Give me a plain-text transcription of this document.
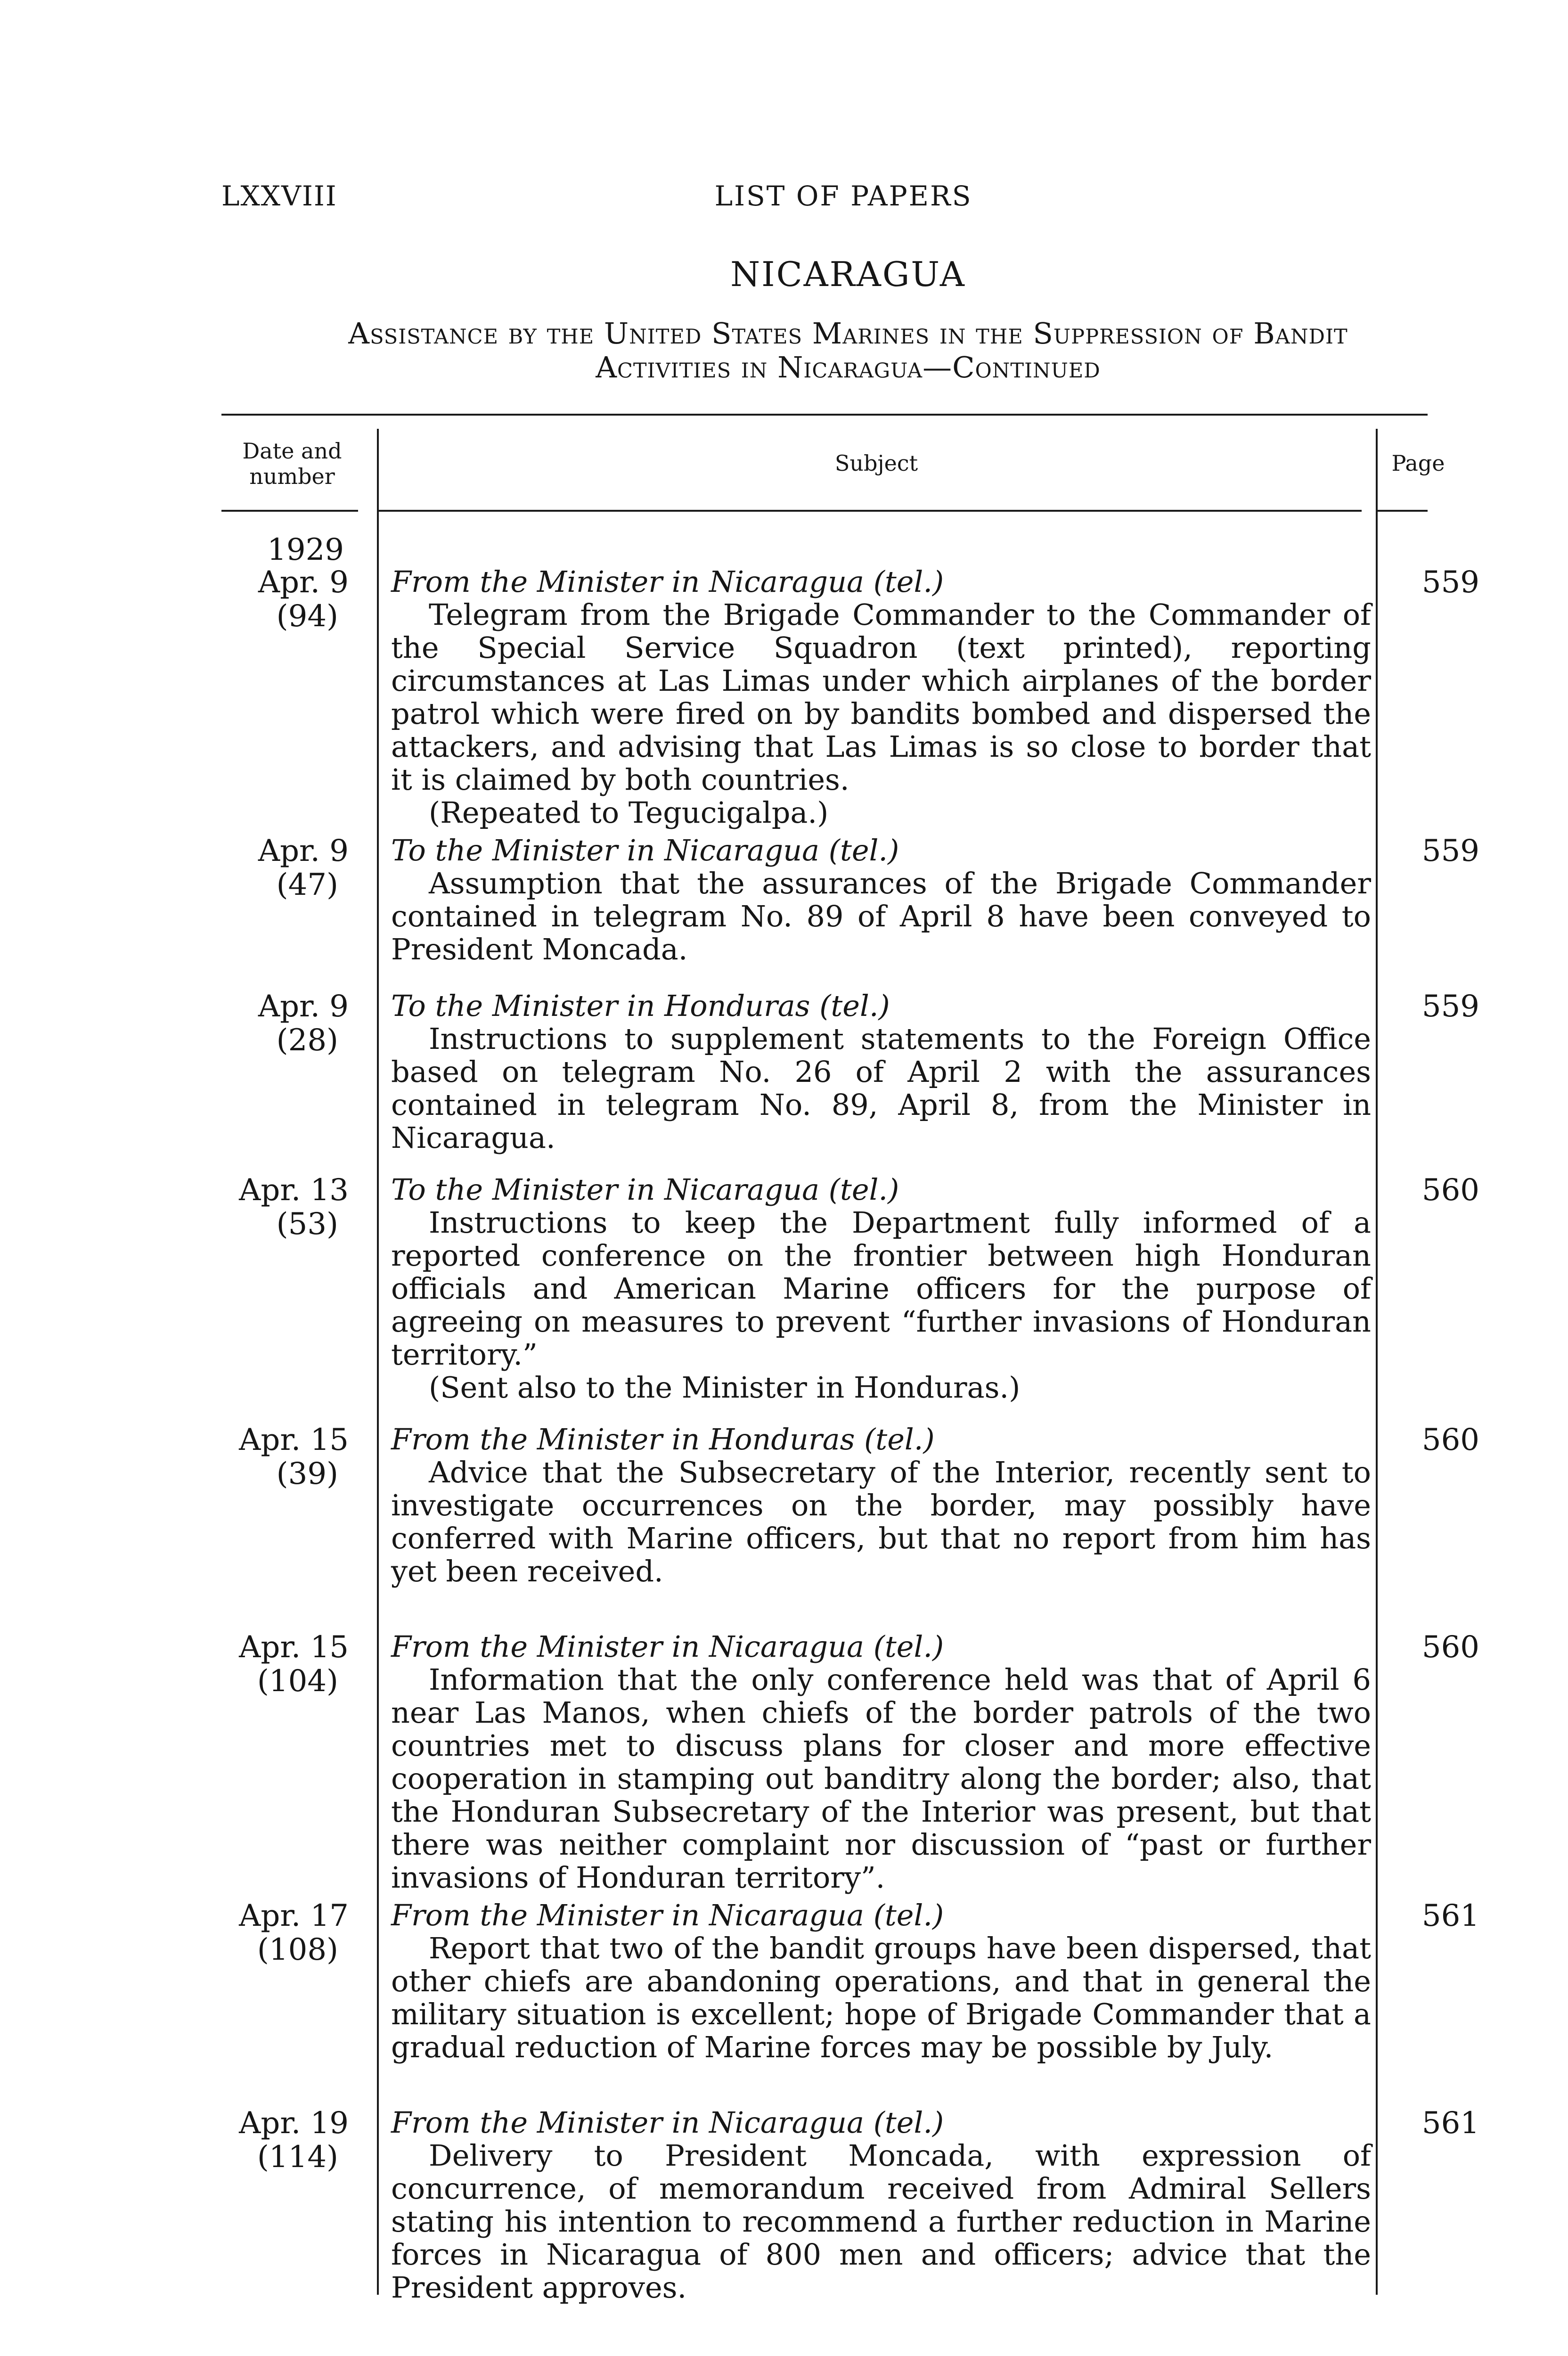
LXXVIII	LIST OF PAPERS
NICARAGUA
Assistance by the United States Marines in the Suppression of Bandit
Activities in Nicaragua—Continued
Date and
number
Subject	Page
1929
Apr. 9
(94)
From the Minister in Nicaragua (tel.)
Telegram from the Brigade Commander to the Commander of the Special Service Squadron (text printed), reporting circumstances at Las Limas under which airplanes of the border patrol which were fired on by bandits bombed and dispersed the attackers, and advising that Las Limas is so close to border that it is claimed by both countries.
(Repeated to Tegucigalpa.)
559
Apr. 9
(47)
To the Minister in Nicaragua (tel.)
Assumption that the assurances of the Brigade Commander contained in telegram No. 89 of April 8 have been conveyed to President Moncada.
559
Apr. 9
(28)
To the Minister in Honduras (tel.)
Instructions to supplement statements to the Foreign Office based on telegram No. 26 of April 2 with the assurances contained in telegram No. 89, April 8, from the Minister in Nicaragua.
559
Apr. 13
(53)
To the Minister in Nicaragua (tel.)
Instructions to keep the Department fully informed of a reported conference on the frontier between high Honduran officials and American Marine officers for the purpose of agreeing on measures to prevent “further invasions of Honduran territory.”
(Sent also to the Minister in Honduras.)
560
Apr. 15
(39)
From the Minister in Honduras (tel.)
Advice that the Subsecretary of the Interior, recently sent to investigate occurrences on the border, may possibly have conferred with Marine officers, but that no report from him has yet been received.
560
Apr. 15
(104)
From the Minister in Nicaragua (tel.)
Information that the only conference held was that of April 6 near Las Manos, when chiefs of the border patrols of the two countries met to discuss plans for closer and more effective cooperation in stamping out banditry along the border; also, that the Honduran Subsecretary of the Interior was present, but that there was neither complaint nor discussion of “past or further invasions of Honduran territory”.
560
Apr. 17
(108)
From the Minister in Nicaragua (tel.)
Report that two of the bandit groups have been dispersed, that other chiefs are abandoning operations, and that in general the military situation is excellent; hope of Brigade Commander that a gradual reduction of Marine forces may be possible by July.
561
Apr. 19
(114)
From the Minister in Nicaragua (tel.)
Delivery to President Moncada, with expression of concurrence, of memorandum received from Admiral Sellers stating his intention to recommend a further reduction in Marine forces in Nicaragua of 800 men and officers; advice that the President approves.
561
